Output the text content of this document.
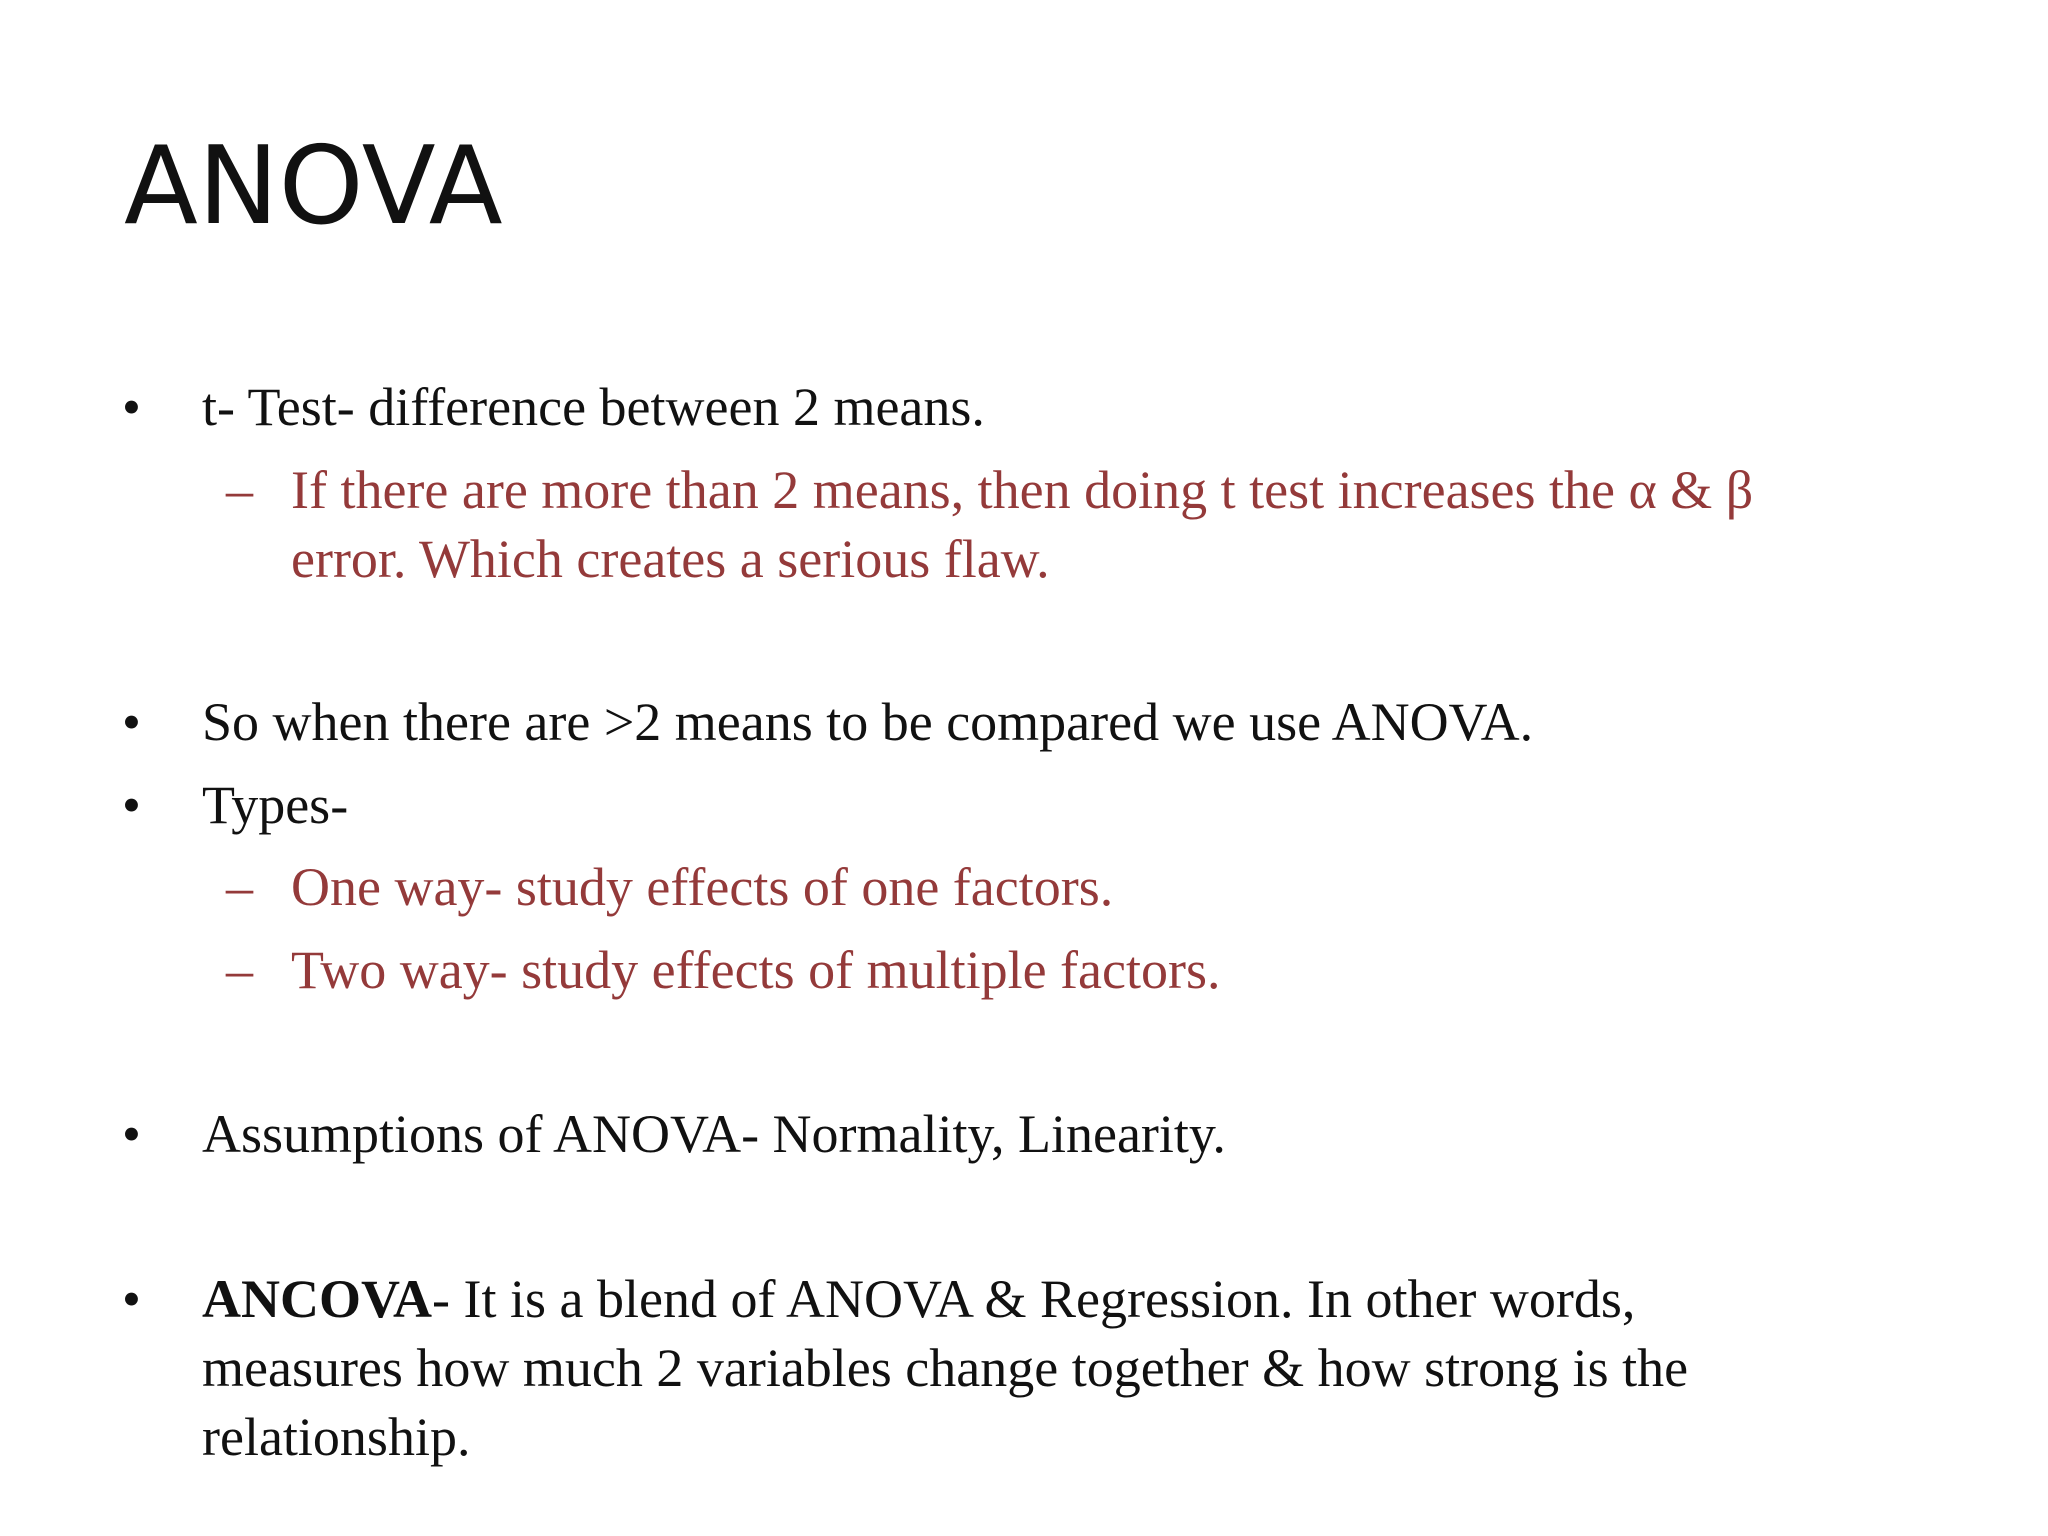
ANOVA
• t- Test- difference between 2 means.
– If there are more than 2 means, then doing t test increases the α & β
error. Which creates a serious flaw.
• So when there are >2 means to be compared we use ANOVA.
• Types-
– One way- study effects of one factors.
– Two way- study effects of multiple factors.
• Assumptions of ANOVA- Normality, Linearity.
• ANCOVA- It is a blend of ANOVA & Regression. In other words,
measures how much 2 variables change together & how strong is the
relationship.
